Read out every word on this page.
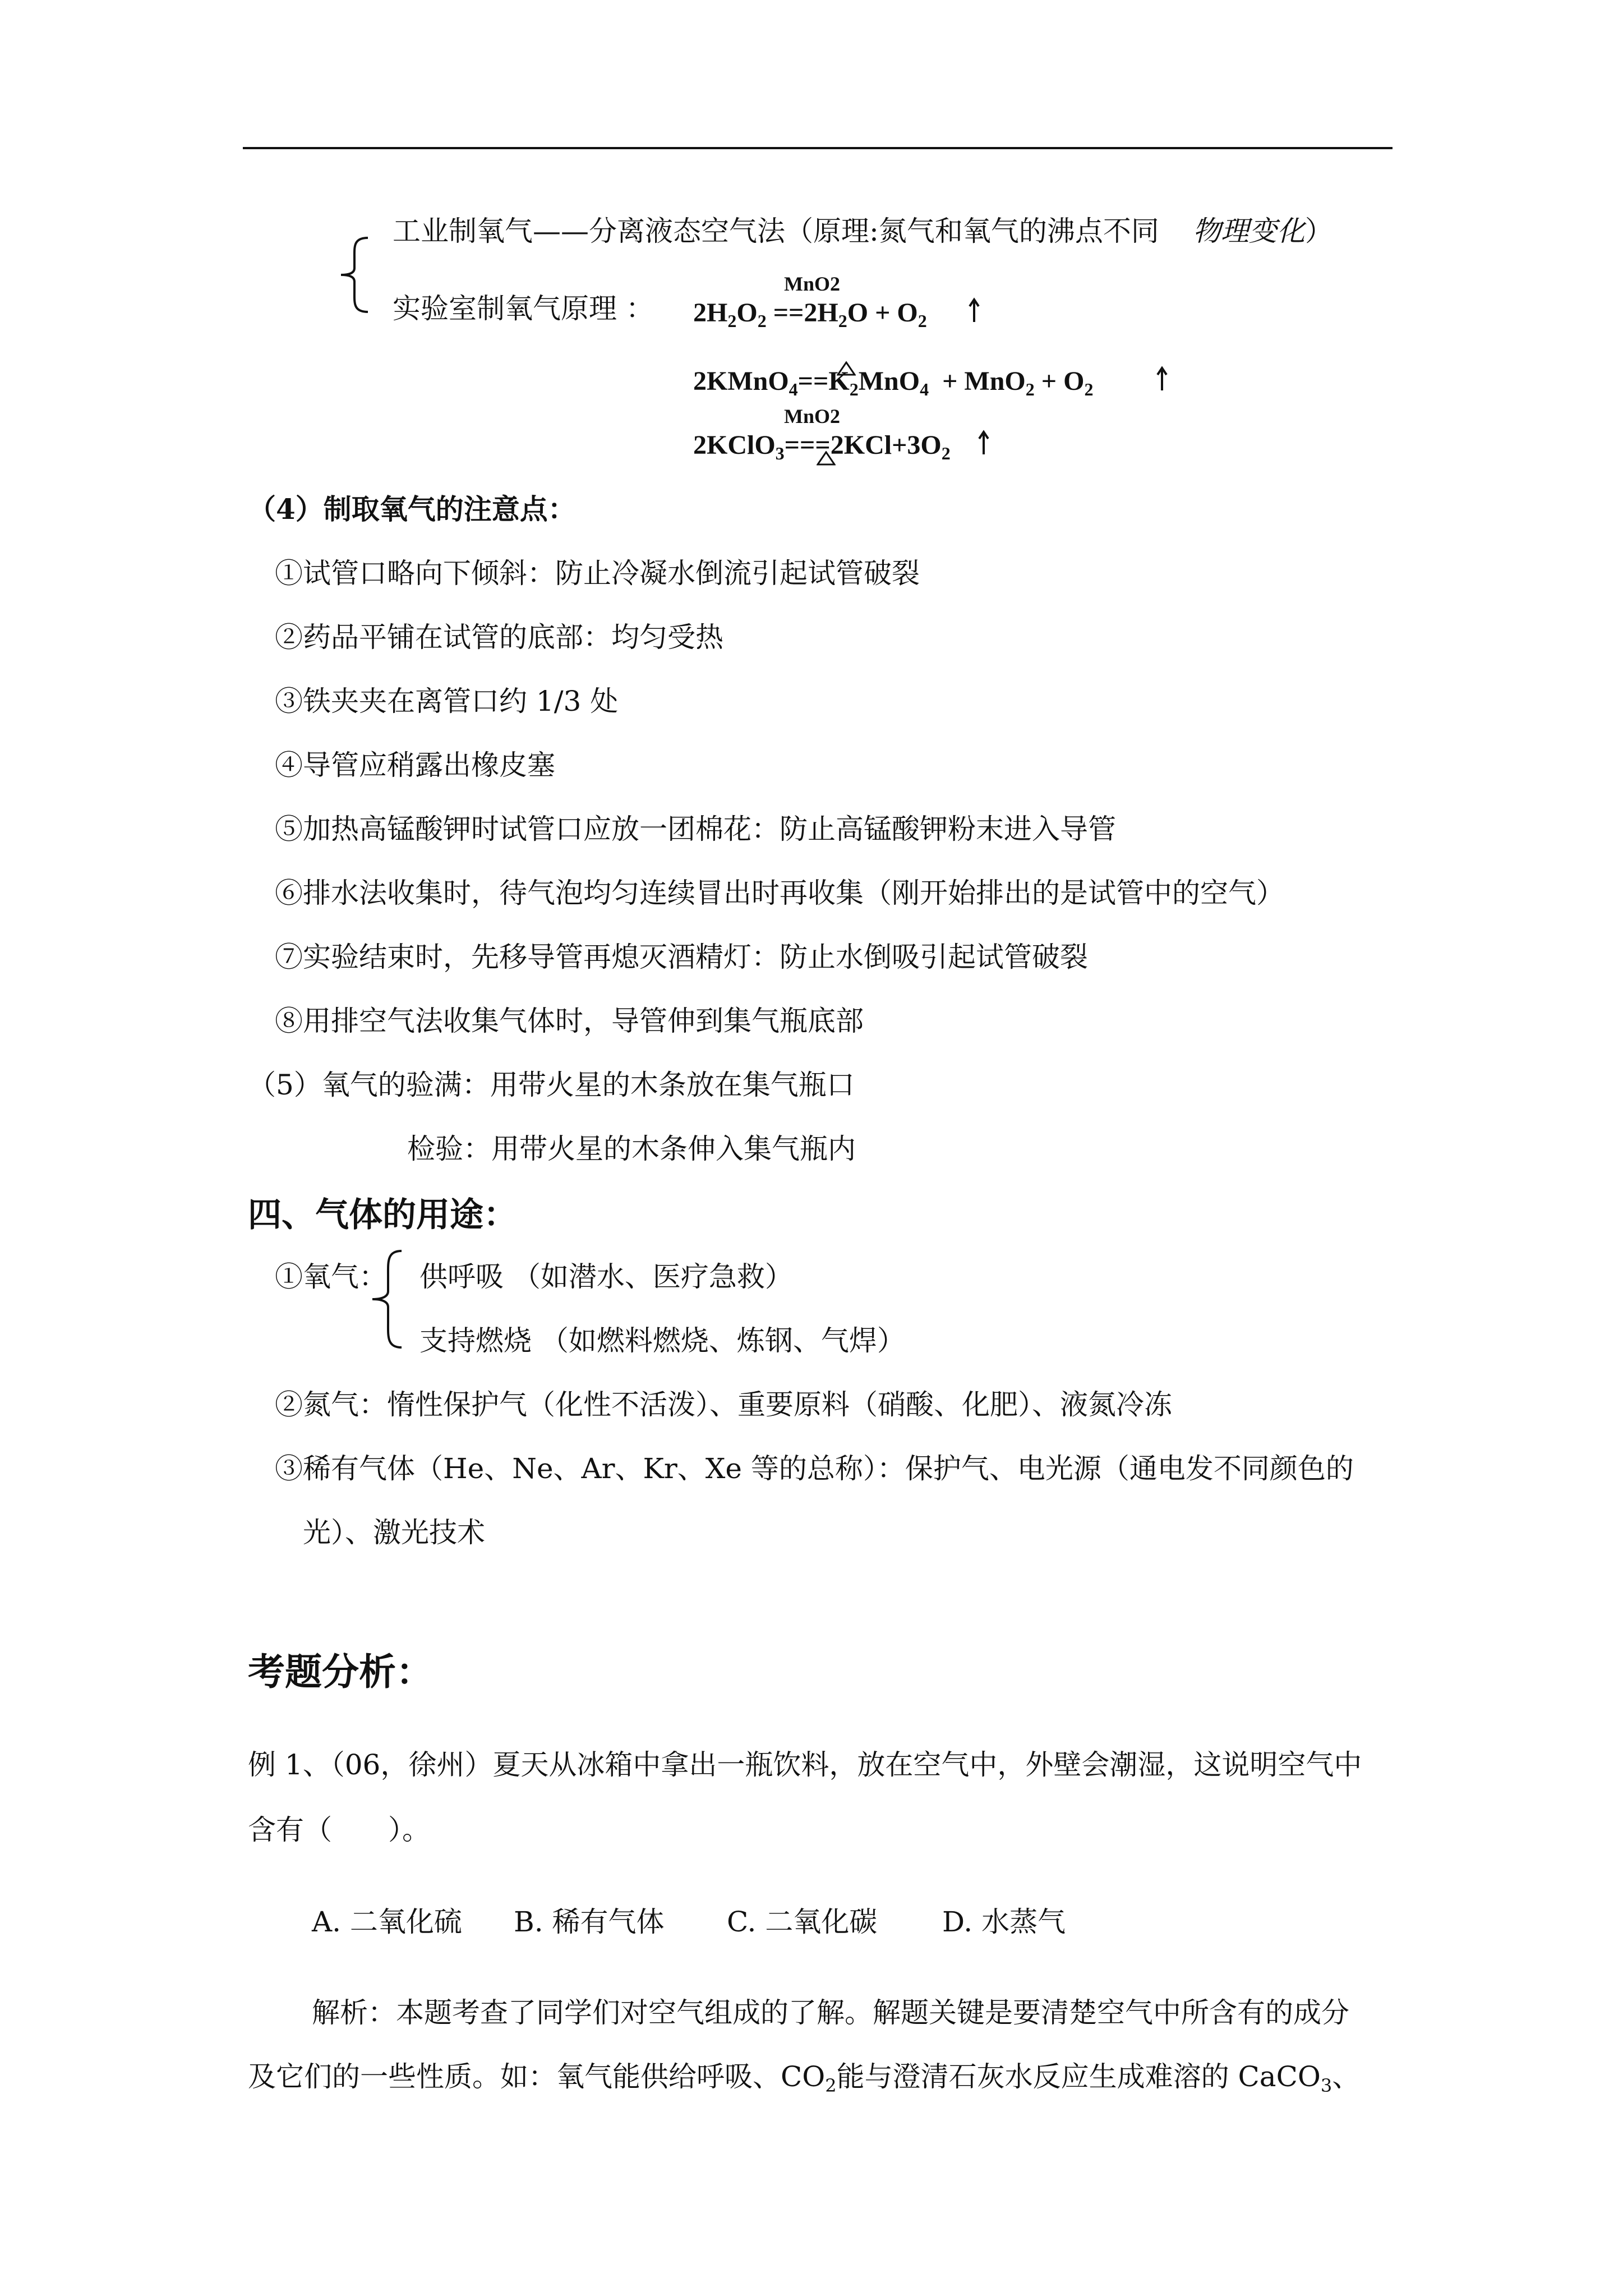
工业制氧气——分离液态空气法（原理:氮气和氧气的沸点不同 物理变化）
实验室制氧气原理 ：
MnO2
$2H_2O_2 ==2H_2O + O_2$
$2KMnO_4==K_2MnO_4 + MnO_2 + O_2$
MnO2
$2KClO_3===2KCl+3O_2$
（4）制取氧气的注意点：
①试管口略向下倾斜：防止冷凝水倒流引起试管破裂
②药品平铺在试管的底部：均匀受热
③铁夹夹在离管口约 1/3 处
④导管应稍露出橡皮塞
⑤加热高锰酸钾时试管口应放一团棉花：防止高锰酸钾粉末进入导管
⑥排水法收集时，待气泡均匀连续冒出时再收集（刚开始排出的是试管中的空气）
⑦实验结束时，先移导管再熄灭酒精灯：防止水倒吸引起试管破裂
⑧用排空气法收集气体时，导管伸到集气瓶底部
（5）氧气的验满：用带火星的木条放在集气瓶口
检验：用带火星的木条伸入集气瓶内
四、气体的用途：
①氧气： 供呼吸 （如潜水、医疗急救）
支持燃烧 （如燃料燃烧、炼钢、气焊）
②氮气：惰性保护气（化性不活泼）、重要原料（硝酸、化肥）、液氮冷冻
③稀有气体（He、Ne、Ar、Kr、Xe 等的总称）：保护气、电光源（通电发不同颜色的
光）、激光技术
考题分析：
例 1、（06，徐州）夏天从冰箱中拿出一瓶饮料，放在空气中，外壁会潮湿，这说明空气中
含有（　　）。
A. 二氧化硫 B. 稀有气体 C. 二氧化碳 D. 水蒸气
解析：本题考查了同学们对空气组成的了解。解题关键是要清楚空气中所含有的成分
及它们的一些性质。如：氧气能供给呼吸、$CO_2$能与澄清石灰水反应生成难溶的 CaCO$_3$、
